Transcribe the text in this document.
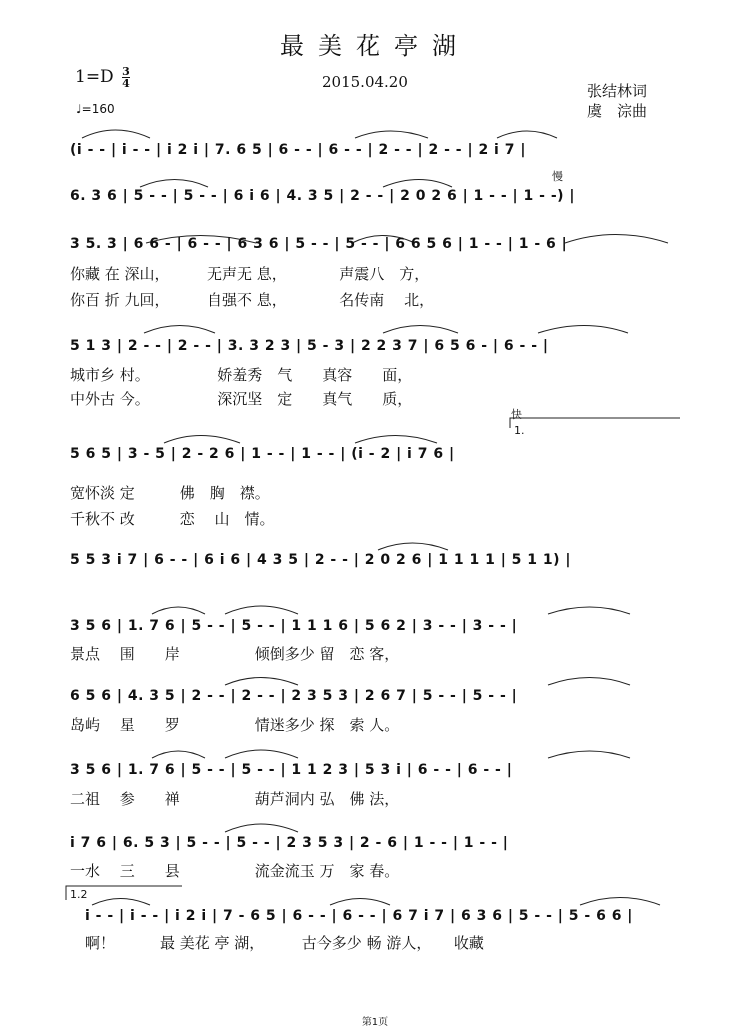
最美花亭湖
$1=D \frac{3}{4}$
♩=160
2015.04.20	张结林词
虞　淙曲
慢
快
1.
1.2
(i - - | i - - | i 2 i | 7. 6 5 | 6 - - | 6 - - | 2 - - | 2 - - | 2 i 7 |
6. 3 6 | 5 - - | 5 - - | 6 i 6 | 4. 3 5 | 2 - - | 2 0 2 6 | 1 - - | 1 - -) |
3 5. 3 | 6 6 - | 6 - - | 6 3 6 | 5 - - | 5 - - | 6 6 5 6 | 1 - - | 1 - 6 |
你藏 在 深山，　　　无声无 息，　　　　声震八　方，
你百 折 九回，　　　自强不 息，　　　　名传南　 北，
5 1 3 | 2 - - | 2 - - | 3. 3 2 3 | 5 - 3 | 2 2 3 7 | 6 5 6 - | 6 - - |
城市乡 村。　　　　　娇羞秀　气　　真容　　面，
中外古 今。　　　　　深沉坚　定　　真气　　质，
5 6 5 | 3 - 5 | 2 - 2 6 | 1 - - | 1 - - | (i - 2 | i 7 6 |
宽怀淡 定　　　佛　胸　襟。
千秋不 改　　　恋　 山　情。
5 5 3 i 7 | 6 - - | 6 i 6 | 4 3 5 | 2 - - | 2 0 2 6 | 1 1 1 1 | 5 1 1) |
3 5 6 | 1. 7 6 | 5 - - | 5 - - | 1 1 1 6 | 5 6 2 | 3 - - | 3 - - |
景点　 围　　岸　　　　　倾倒多少 留　恋 客，
6 5 6 | 4. 3 5 | 2 - - | 2 - - | 2 3 5 3 | 2 6 7 | 5 - - | 5 - - |
岛屿　 星　　罗　　　　　情迷多少 探　索 人。
3 5 6 | 1. 7 6 | 5 - - | 5 - - | 1 1 2 3 | 5 3 i | 6 - - | 6 - - |
二祖　 参　　禅　　　　　葫芦洞内 弘　佛 法，
i 7 6 | 6. 5 3 | 5 - - | 5 - - | 2 3 5 3 | 2 - 6 | 1 - - | 1 - - |
一水　 三　　县　　　　　流金流玉 万　家 春。
i - - | i - - | i 2 i | 7 - 6 5 | 6 - - | 6 - - | 6 7 i 7 | 6 3 6 | 5 - - | 5 - 6 6 |
啊！　　　最 美花 亭 湖，　　　古今多少 畅 游人，　　收藏
第1页
